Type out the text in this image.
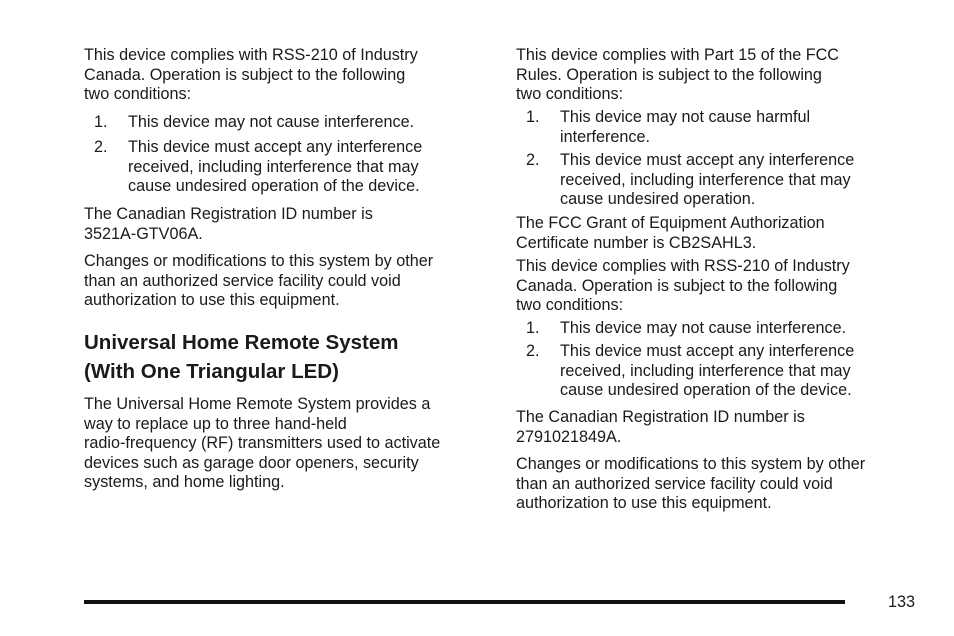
This device complies with RSS-210 of Industry
Canada. Operation is subject to the following
two conditions:
1. This device may not cause interference.
2. This device must accept any interference
received, including interference that may
cause undesired operation of the device.
The Canadian Registration ID number is
3521A-GTV06A.
Changes or modifications to this system by other
than an authorized service facility could void
authorization to use this equipment.
Universal Home Remote System
(With One Triangular LED)
The Universal Home Remote System provides a
way to replace up to three hand-held
radio-frequency (RF) transmitters used to activate
devices such as garage door openers, security
systems, and home lighting.
This device complies with Part 15 of the FCC
Rules. Operation is subject to the following
two conditions:
1. This device may not cause harmful
interference.
2. This device must accept any interference
received, including interference that may
cause undesired operation.
The FCC Grant of Equipment Authorization
Certificate number is CB2SAHL3.
This device complies with RSS-210 of Industry
Canada. Operation is subject to the following
two conditions:
1. This device may not cause interference.
2. This device must accept any interference
received, including interference that may
cause undesired operation of the device.
The Canadian Registration ID number is
2791021849A.
Changes or modifications to this system by other
than an authorized service facility could void
authorization to use this equipment.
133
